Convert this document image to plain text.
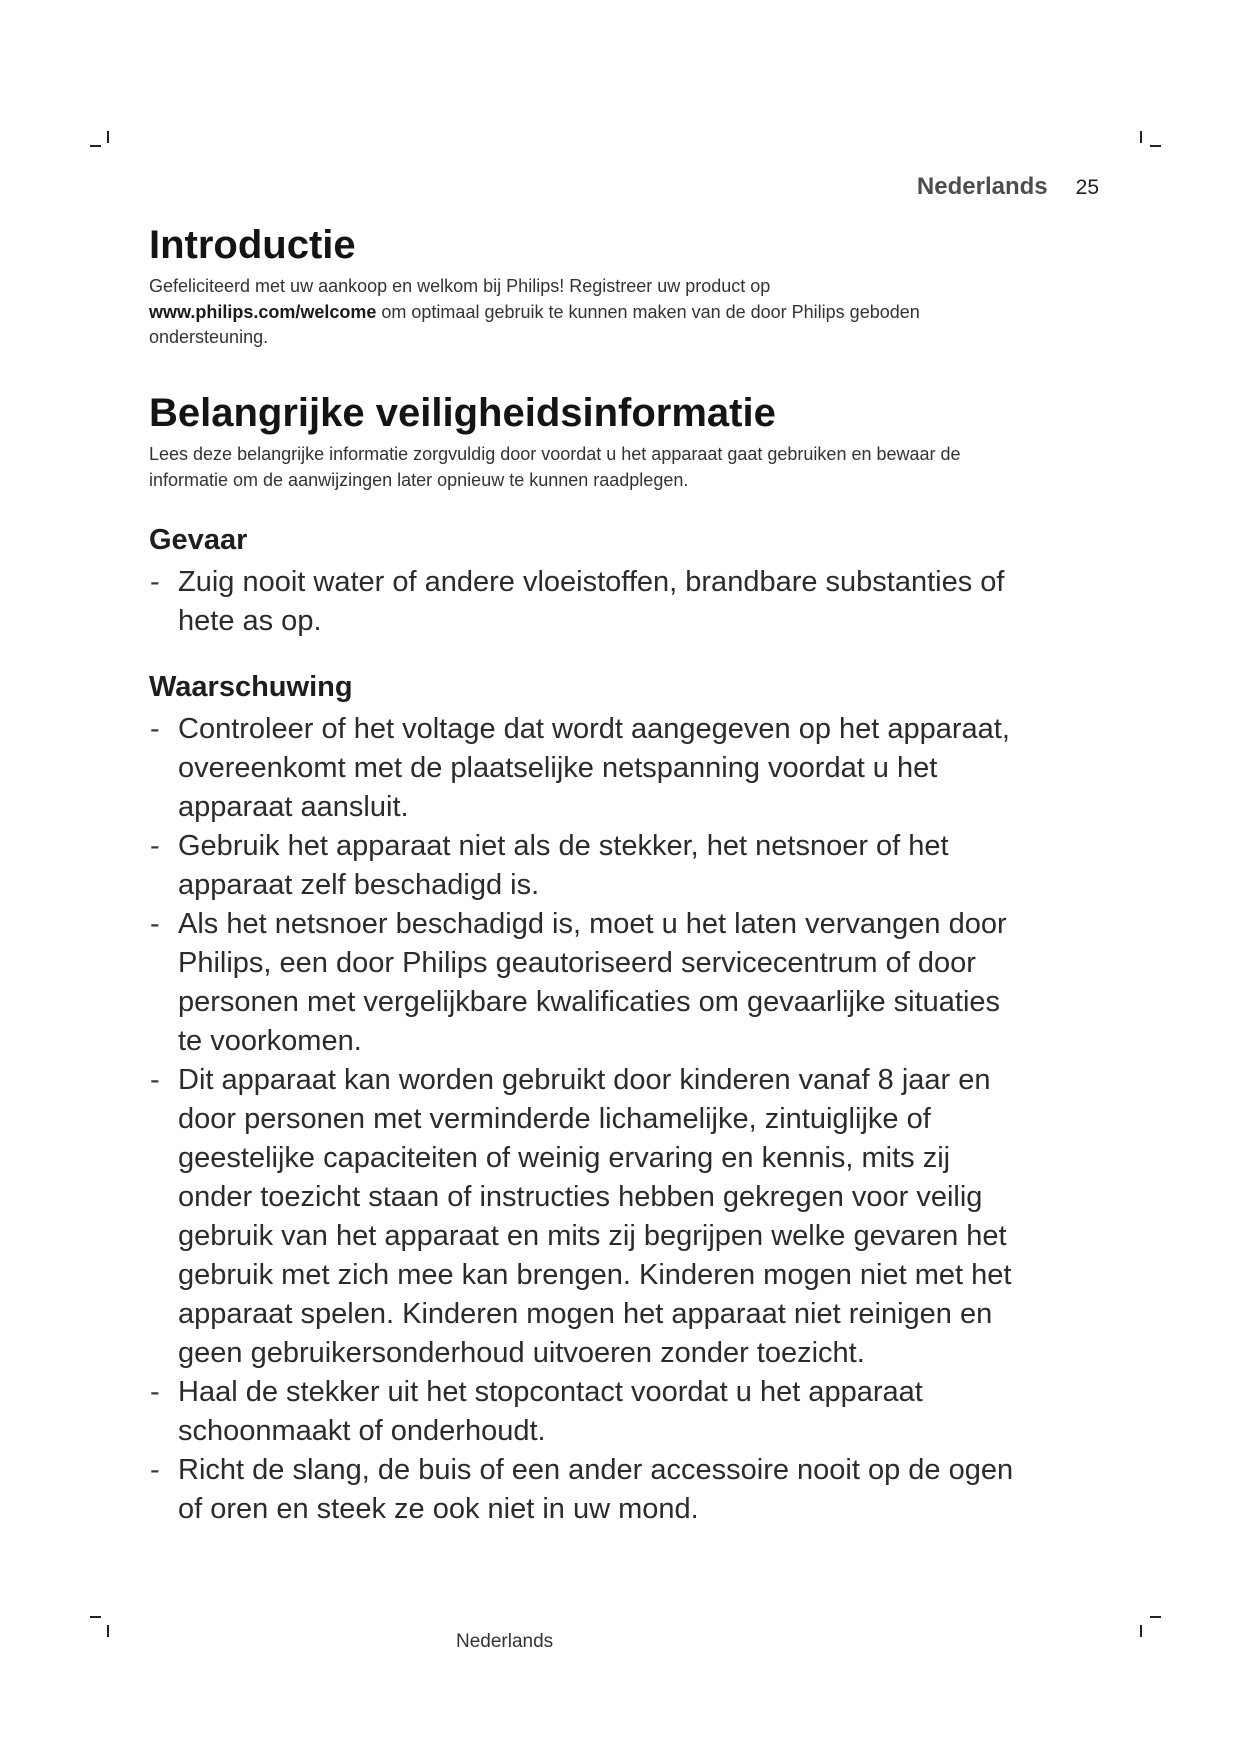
Nederlands 25
Introductie

Gefeliciteerd met uw aankoop en welkom bij Philips! Registreer uw product op www.philips.com/welcome om optimaal gebruik te kunnen maken van de door Philips geboden ondersteuning.

Belangrijke veiligheidsinformatie

Lees deze belangrijke informatie zorgvuldig door voordat u het apparaat gaat gebruiken en bewaar de informatie om de aanwijzingen later opnieuw te kunnen raadplegen.

Gevaar
- Zuig nooit water of andere vloeistoffen, brandbare substanties of hete as op.
Waarschuwing
- Controleer of het voltage dat wordt aangegeven op het apparaat, overeenkomt met de plaatselijke netspanning voordat u het apparaat aansluit.
- Gebruik het apparaat niet als de stekker, het netsnoer of het apparaat zelf beschadigd is.
- Als het netsnoer beschadigd is, moet u het laten vervangen door Philips, een door Philips geautoriseerd servicecentrum of door personen met vergelijkbare kwalificaties om gevaarlijke situaties te voorkomen.
- Dit apparaat kan worden gebruikt door kinderen vanaf 8 jaar en door personen met verminderde lichamelijke, zintuiglijke of geestelijke capaciteiten of weinig ervaring en kennis, mits zij onder toezicht staan of instructies hebben gekregen voor veilig gebruik van het apparaat en mits zij begrijpen welke gevaren het gebruik met zich mee kan brengen. Kinderen mogen niet met het apparaat spelen. Kinderen mogen het apparaat niet reinigen en geen gebruikersonderhoud uitvoeren zonder toezicht.
- Haal de stekker uit het stopcontact voordat u het apparaat schoonmaakt of onderhoudt.
- Richt de slang, de buis of een ander accessoire nooit op de ogen of oren en steek ze ook niet in uw mond.
Nederlands
